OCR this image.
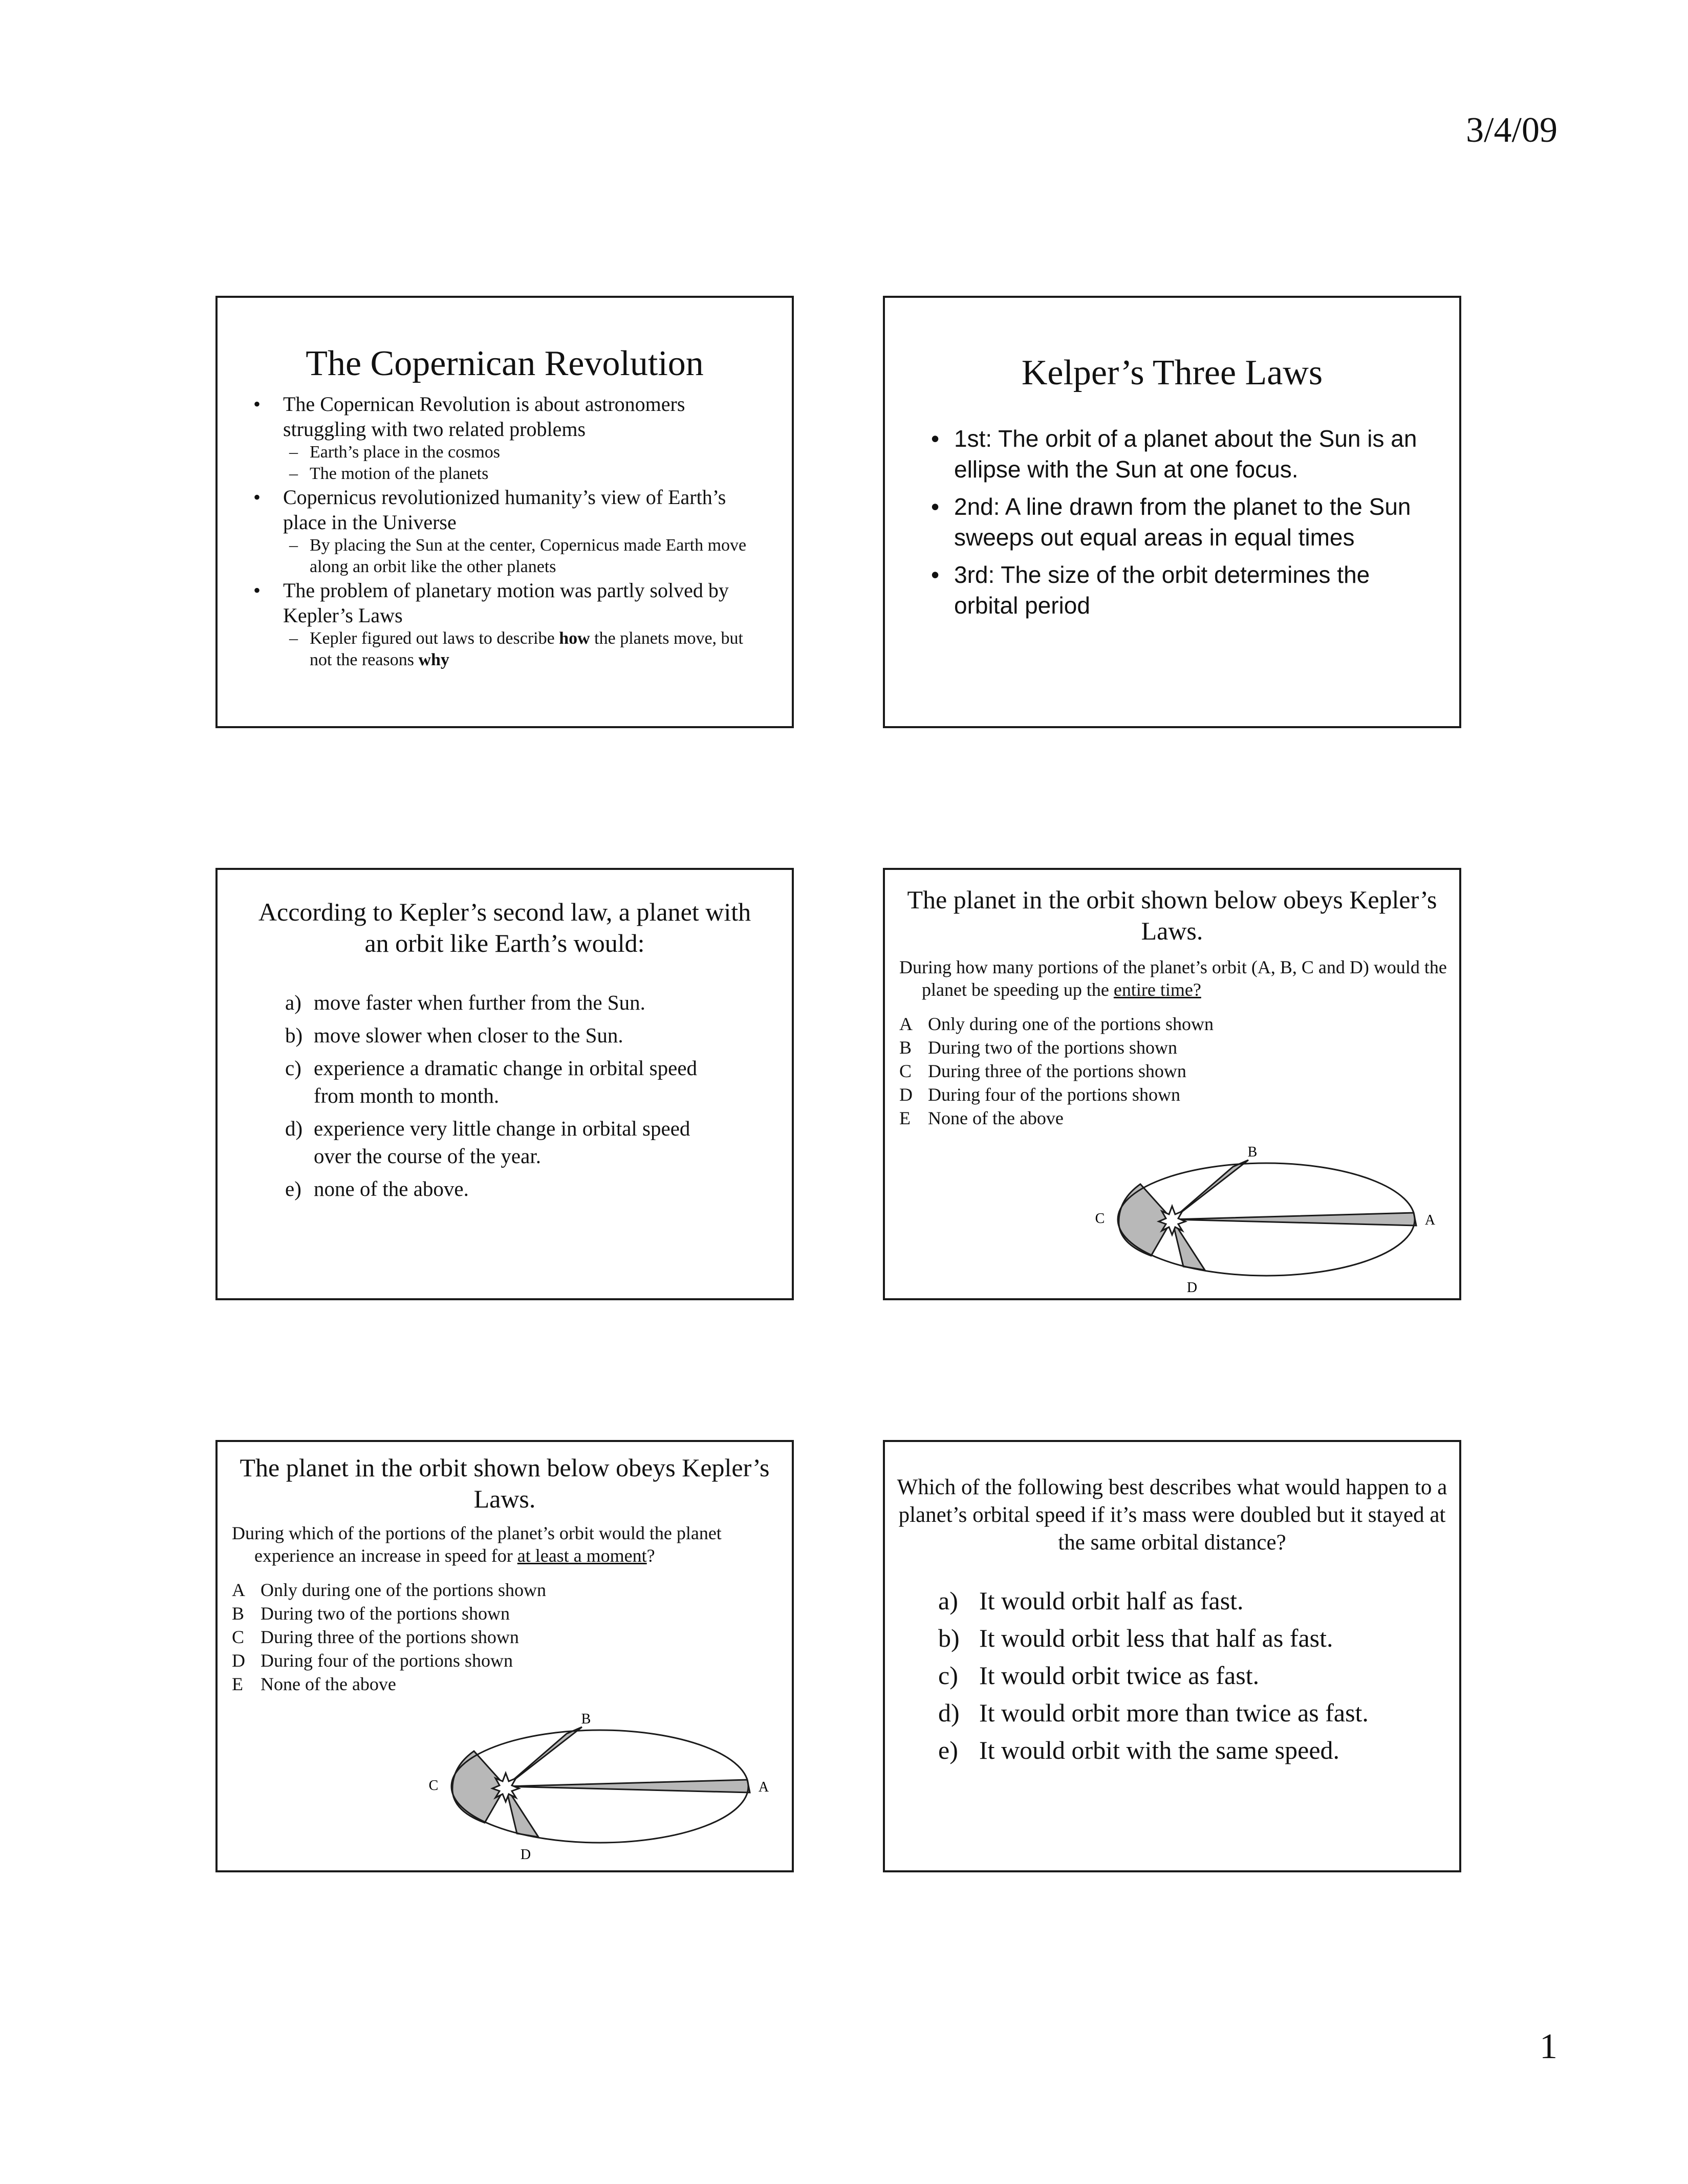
3/4/09
The Copernican Revolution
• The Copernican Revolution is about astronomers struggling with two related problems
– Earth’s place in the cosmos
– The motion of the planets
• Copernicus revolutionized humanity’s view of Earth’s place in the Universe
– By placing the Sun at the center, Copernicus made Earth move along an orbit like the other planets
• The problem of planetary motion was partly solved by Kepler’s Laws
– Kepler figured out laws to describe how the planets move, but not the reasons why
Kelper’s Three Laws
• 1st: The orbit of a planet about the Sun is an ellipse with the Sun at one focus.
• 2nd: A line drawn from the planet to the Sun sweeps out equal areas in equal times
• 3rd: The size of the orbit determines the orbital period
According to Kepler’s second law, a planet with an orbit like Earth’s would:
a) move faster when further from the Sun.
b) move slower when closer to the Sun.
c) experience a dramatic change in orbital speed from month to month.
d) experience very little change in orbital speed over the course of the year.
e) none of the above.
The planet in the orbit shown below obeys Kepler’s Laws.
During how many portions of the planet’s orbit (A, B, C and D) would the planet be speeding up the entire time?
A Only during one of the portions shown
B During two of the portions shown
C During three of the portions shown
D During four of the portions shown
E None of the above
B
A
C
D
The planet in the orbit shown below obeys Kepler’s Laws.
During which of the portions of the planet’s orbit would the planet experience an increase in speed for at least a moment?
A Only during one of the portions shown
B During two of the portions shown
C During three of the portions shown
D During four of the portions shown
E None of the above
B
A
C
D
Which of the following best describes what would happen to a planet’s orbital speed if it’s mass were doubled but it stayed at the same orbital distance?
a) It would orbit half as fast.
b) It would orbit less that half as fast.
c) It would orbit twice as fast.
d) It would orbit more than twice as fast.
e) It would orbit with the same speed.
1
